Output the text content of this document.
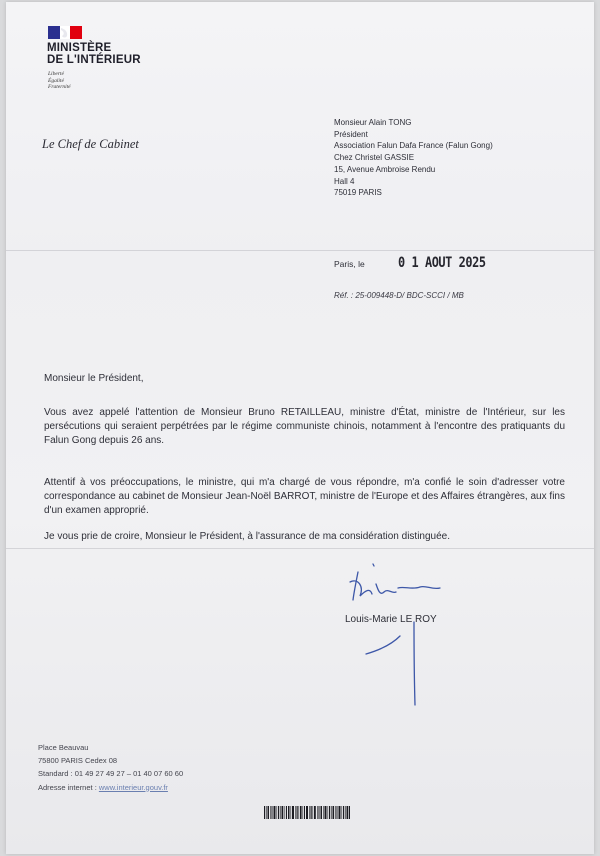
MINISTÈRE
DE L'INTÉRIEUR
Liberté
Égalité
Fraternité
Le Chef de Cabinet
Monsieur Alain TONG
Président
Association Falun Dafa France (Falun Gong)
Chez Christel GASSIE
15, Avenue Ambroise Rendu
Hall 4
75019 PARIS
Paris, le 0 1 AOUT 2025
Réf. : 25-009448-D/ BDC-SCCI / MB
Monsieur le Président,
Vous avez appelé l'attention de Monsieur Bruno RETAILLEAU, ministre d'État, ministre de l'Intérieur, sur les persécutions qui seraient perpétrées par le régime communiste chinois, notamment à l'encontre des pratiquants du Falun Gong depuis 26 ans.
Attentif à vos préoccupations, le ministre, qui m'a chargé de vous répondre, m'a confié le soin d'adresser votre correspondance au cabinet de Monsieur Jean-Noël BARROT, ministre de l'Europe et des Affaires étrangères, aux fins d'un examen approprié.
Je vous prie de croire, Monsieur le Président, à l'assurance de ma considération distinguée.
Louis-Marie LE ROY
Place Beauvau
75800 PARIS Cedex 08
Standard : 01 49 27 49 27 – 01 40 07 60 60
Adresse internet : www.interieur.gouv.fr
